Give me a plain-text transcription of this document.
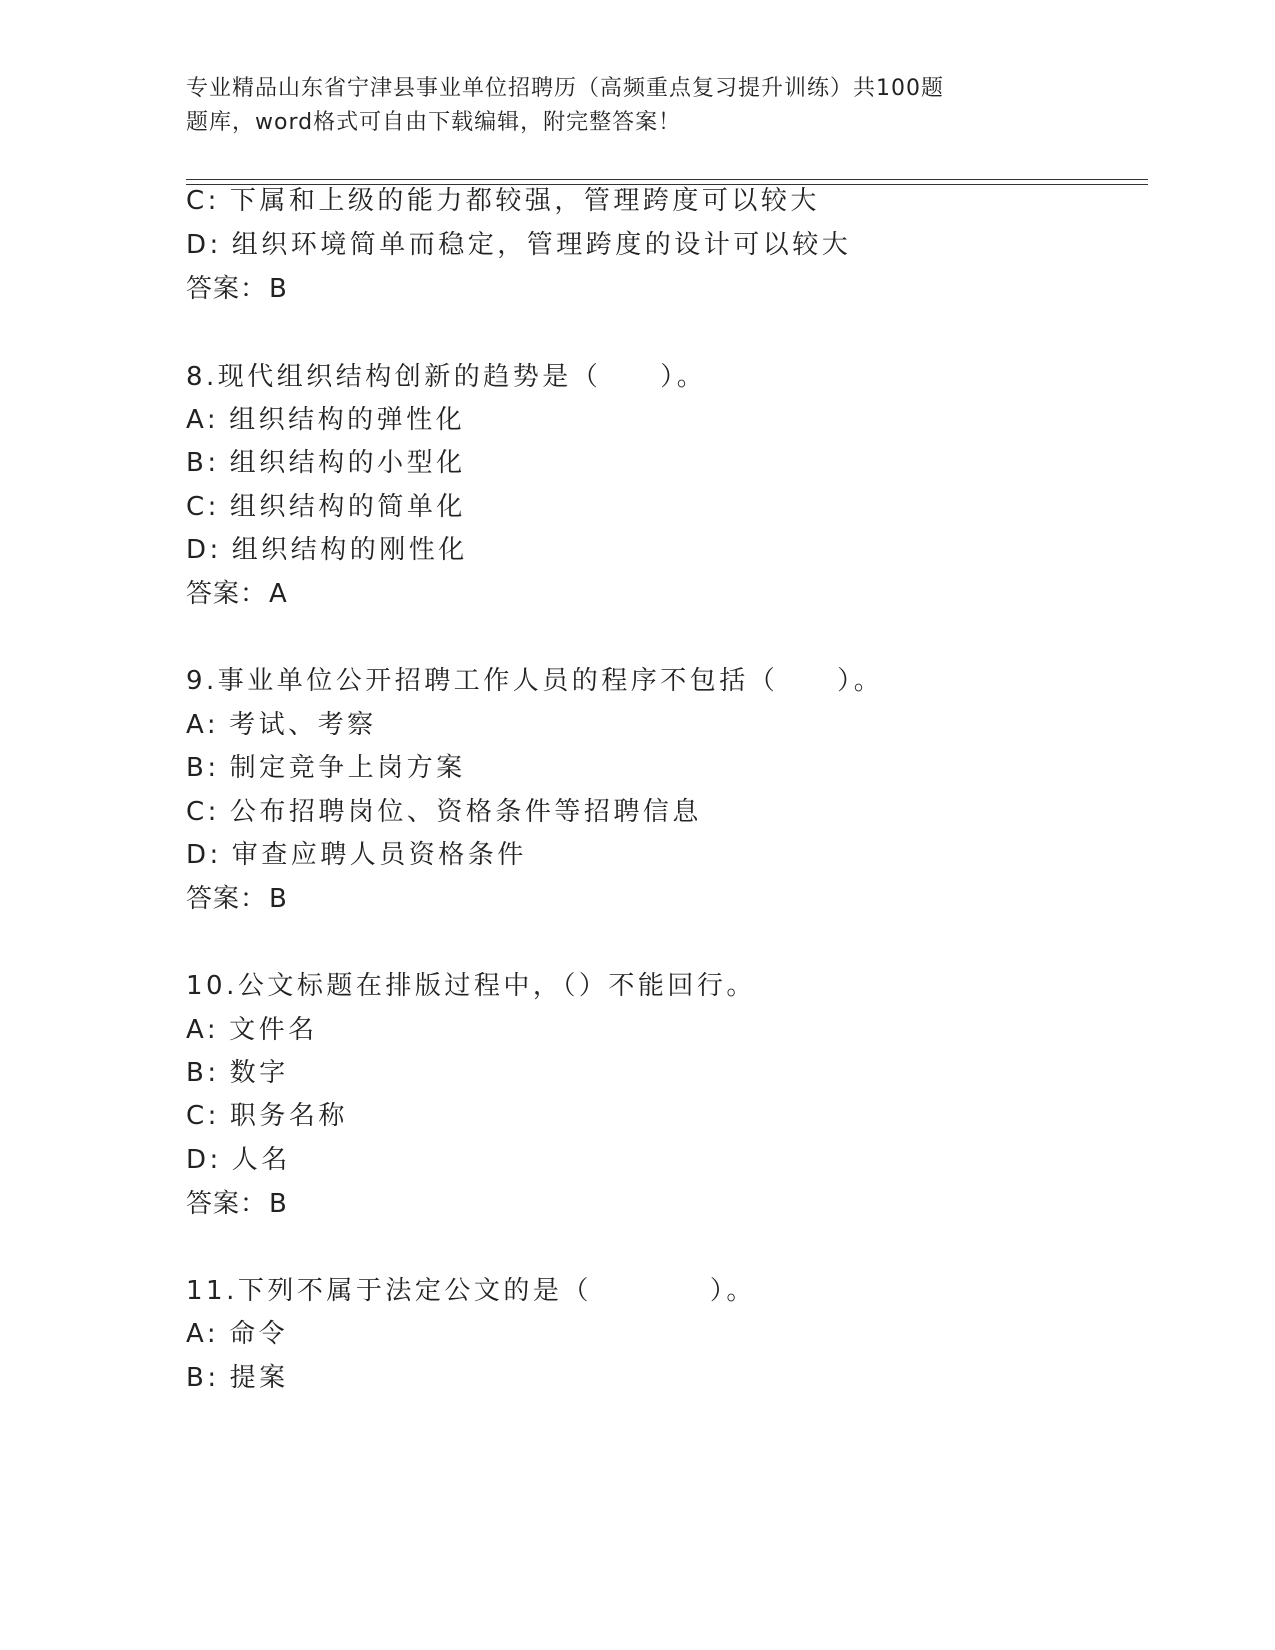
专业精品山东省宁津县事业单位招聘历（高频重点复习提升训练）共100题
题库，word格式可自由下载编辑，附完整答案！
C: 下属和上级的能力都较强，管理跨度可以较大
D: 组织环境简单而稳定，管理跨度的设计可以较大
答案：B
8.现代组织结构创新的趋势是（　　）。
A: 组织结构的弹性化
B: 组织结构的小型化
C: 组织结构的简单化
D: 组织结构的刚性化
答案：A
9.事业单位公开招聘工作人员的程序不包括（　　）。
A: 考试、考察
B: 制定竞争上岗方案
C: 公布招聘岗位、资格条件等招聘信息
D: 审查应聘人员资格条件
答案：B
10.公文标题在排版过程中，（）不能回行。
A: 文件名
B: 数字
C: 职务名称
D: 人名
答案：B
11.下列不属于法定公文的是（　　　　）。
A: 命令
B: 提案
